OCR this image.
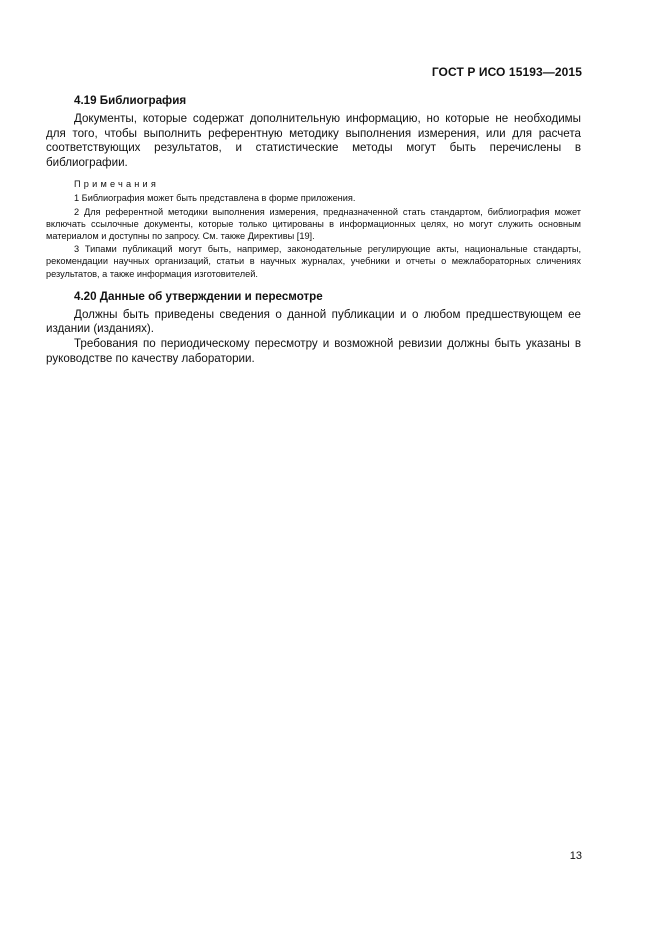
ГОСТ Р ИСО 15193—2015
4.19 Библиография

Документы, которые содержат дополнительную информацию, но которые не необходимы для того, чтобы выполнить референтную методику выполнения измерения, или для расчета соответствующих результатов, и статистические методы могут быть перечислены в библиографии.

Примечания

1 Библиография может быть представлена в форме приложения.

2 Для референтной методики выполнения измерения, предназначенной стать стандартом, библиография может включать ссылочные документы, которые только цитированы в информационных целях, но могут служить основным материалом и доступны по запросу. См. также Директивы [19].

3 Типами публикаций могут быть, например, законодательные регулирующие акты, национальные стандарты, рекомендации научных организаций, статьи в научных журналах, учебники и отчеты о межлабораторных сличениях результатов, а также информация изготовителей.

4.20 Данные об утверждении и пересмотре

Должны быть приведены сведения о данной публикации и о любом предшествующем ее издании (изданиях).

Требования по периодическому пересмотру и возможной ревизии должны быть указаны в руководстве по качеству лаборатории.

13
